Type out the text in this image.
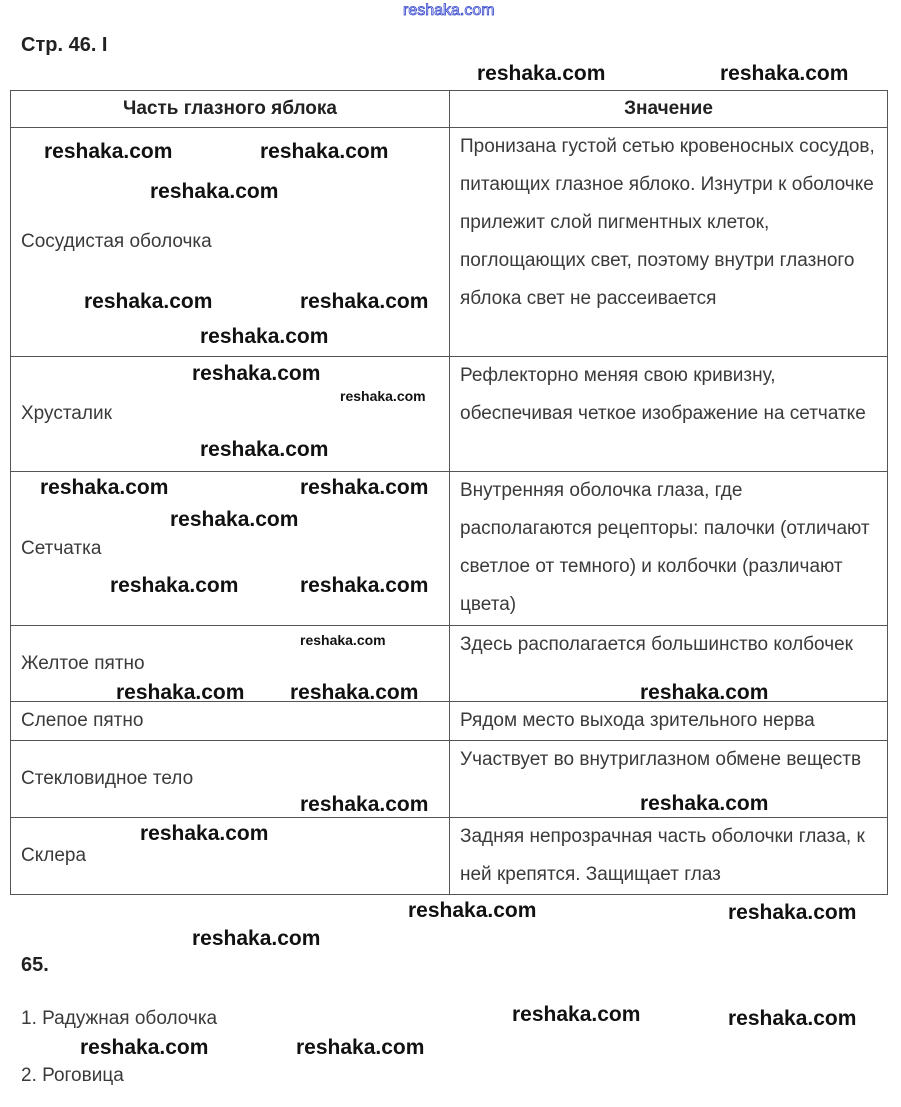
Стр. 46. I
Часть глазного яблока	Значение
Сосудистая оболочка	Пронизана густой сетью кровеносных сосудов, питающих глазное яблоко. Изнутри к оболочке прилежит слой пигментных клеток, поглощающих свет, поэтому внутри глазного яблока свет не рассеивается
Хрусталик	Рефлекторно меняя свою кривизну, обеспечивая четкое изображение на сетчатке
Сетчатка	Внутренняя оболочка глаза, где располагаются рецепторы: палочки (отличают светлое от темного) и колбочки (различают цвета)
Желтое пятно	Здесь располагается большинство колбочек
Слепое пятно	Рядом место выхода зрительного нерва
Стекловидное тело	Участвует во внутриглазном обмене веществ
Склера	Задняя непрозрачная часть оболочки глаза, к ней крепятся. Защищает глаз
65.
1. Радужная оболочка
2. Роговица
reshaka.com
reshaka.com	reshaka.com
reshaka.com	reshaka.com
reshaka.com
reshaka.com	reshaka.com
reshaka.com
reshaka.com
reshaka.com
reshaka.com
reshaka.com	reshaka.com
reshaka.com
reshaka.com	reshaka.com
reshaka.com
reshaka.com reshaka.com	reshaka.com
reshaka.com	reshaka.com
reshaka.com
reshaka.com	reshaka.com
reshaka.com
reshaka.com	reshaka.com
reshaka.com	reshaka.com
